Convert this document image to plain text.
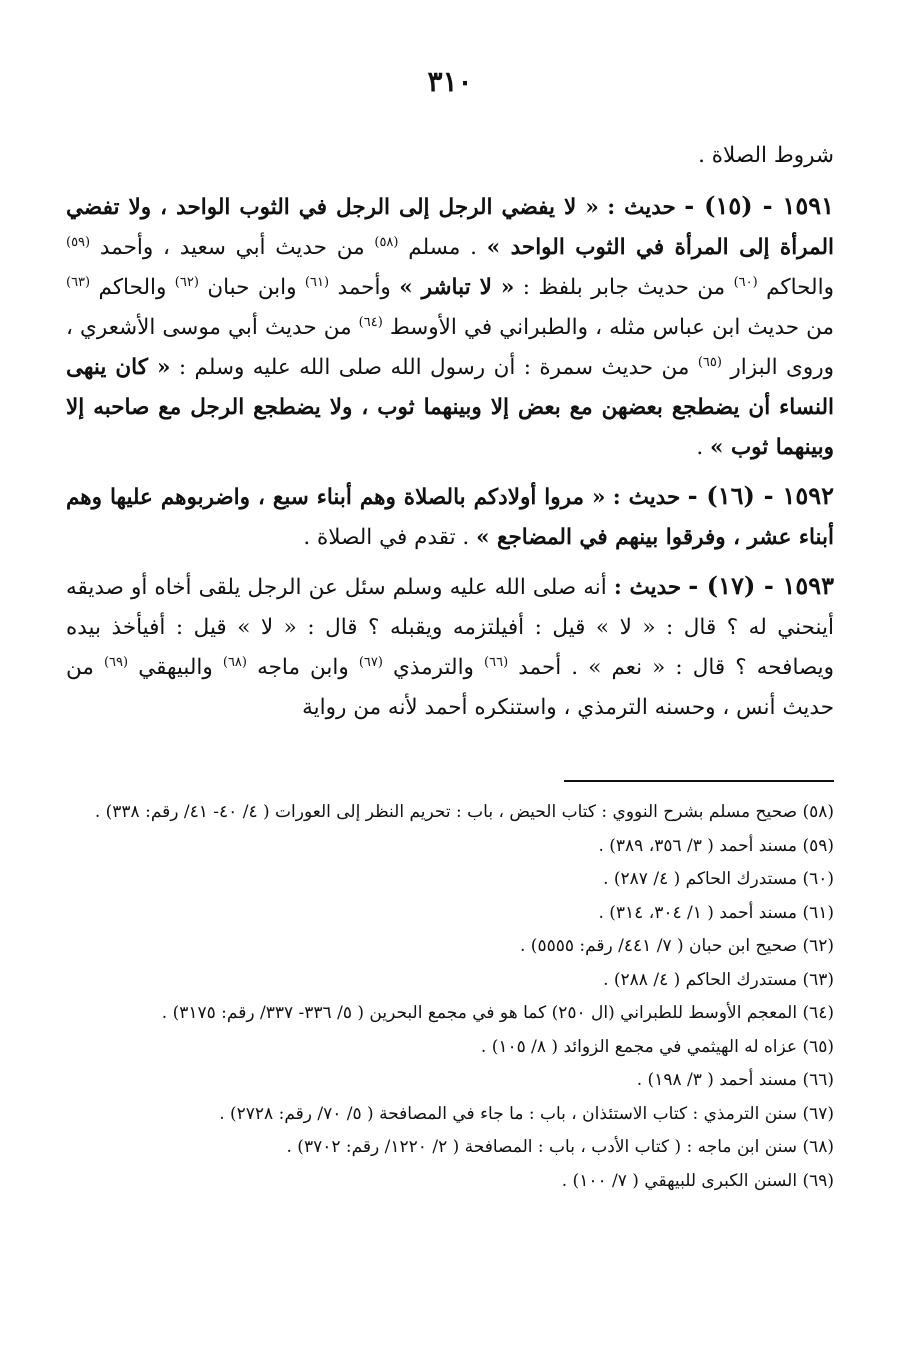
٣١٠

شروط الصلاة .

١٥٩١ - (١٥) - حديث : « لا يفضي الرجل إلى الرجل في الثوب الواحد ، ولا تفضي المرأة إلى المرأة في الثوب الواحد » . مسلم $^{(٥٨)}$ من حديث أبي سعيد ، وأحمد $^{(٥٩)}$ والحاكم $^{(٦٠)}$ من حديث جابر بلفظ : « لا تباشر » وأحمد $^{(٦١)}$ وابن حبان $^{(٦٢)}$ والحاكم $^{(٦٣)}$ من حديث ابن عباس مثله ، والطبراني في الأوسط $^{(٦٤)}$ من حديث أبي موسى الأشعري ، وروى البزار $^{(٦٥)}$ من حديث سمرة : أن رسول الله صلى الله عليه وسلم : « كان ينهى النساء أن يضطجع بعضهن مع بعض إلا وبينهما ثوب ، ولا يضطجع الرجل مع صاحبه إلا وبينهما ثوب » .

١٥٩٢ - (١٦) - حديث : « مروا أولادكم بالصلاة وهم أبناء سبع ، واضربوهم عليها وهم أبناء عشر ، وفرقوا بينهم في المضاجع » . تقدم في الصلاة .

١٥٩٣ - (١٧) - حديث : أنه صلى الله عليه وسلم سئل عن الرجل يلقى أخاه أو صديقه أينحني له ؟ قال : « لا » قيل : أفيلتزمه ويقبله ؟ قال : « لا » قيل : أفيأخذ بيده ويصافحه ؟ قال : « نعم » . أحمد $^{(٦٦)}$ والترمذي $^{(٦٧)}$ وابن ماجه $^{(٦٨)}$ والبيهقي $^{(٦٩)}$ من حديث أنس ، وحسنه الترمذي ، واستنكره أحمد لأنه من رواية

(٥٨) صحيح مسلم بشرح النووي : كتاب الحيض ، باب : تحريم النظر إلى العورات ( ٤/ ٤٠- ٤١/ رقم: ٣٣٨) .

(٥٩) مسند أحمد ( ٣/ ٣٥٦، ٣٨٩) .

(٦٠) مستدرك الحاكم ( ٤/ ٢٨٧) .

(٦١) مسند أحمد ( ١/ ٣٠٤، ٣١٤) .

(٦٢) صحيح ابن حبان ( ٧/ ٤٤١/ رقم: ٥٥٥٥) .

(٦٣) مستدرك الحاكم ( ٤/ ٢٨٨) .

(٦٤) المعجم الأوسط للطبراني (ال ٢٥٠) كما هو في مجمع البحرين ( ٥/ ٣٣٦- ٣٣٧/ رقم: ٣١٧٥) .

(٦٥) عزاه له الهيثمي في مجمع الزوائد ( ٨/ ١٠٥) .

(٦٦) مسند أحمد ( ٣/ ١٩٨) .

(٦٧) سنن الترمذي : كتاب الاستئذان ، باب : ما جاء في المصافحة ( ٥/ ٧٠/ رقم: ٢٧٢٨) .

(٦٨) سنن ابن ماجه : ( كتاب الأدب ، باب : المصافحة ( ٢/ ١٢٢٠/ رقم: ٣٧٠٢) .

(٦٩) السنن الكبرى للبيهقي ( ٧/ ١٠٠) .
